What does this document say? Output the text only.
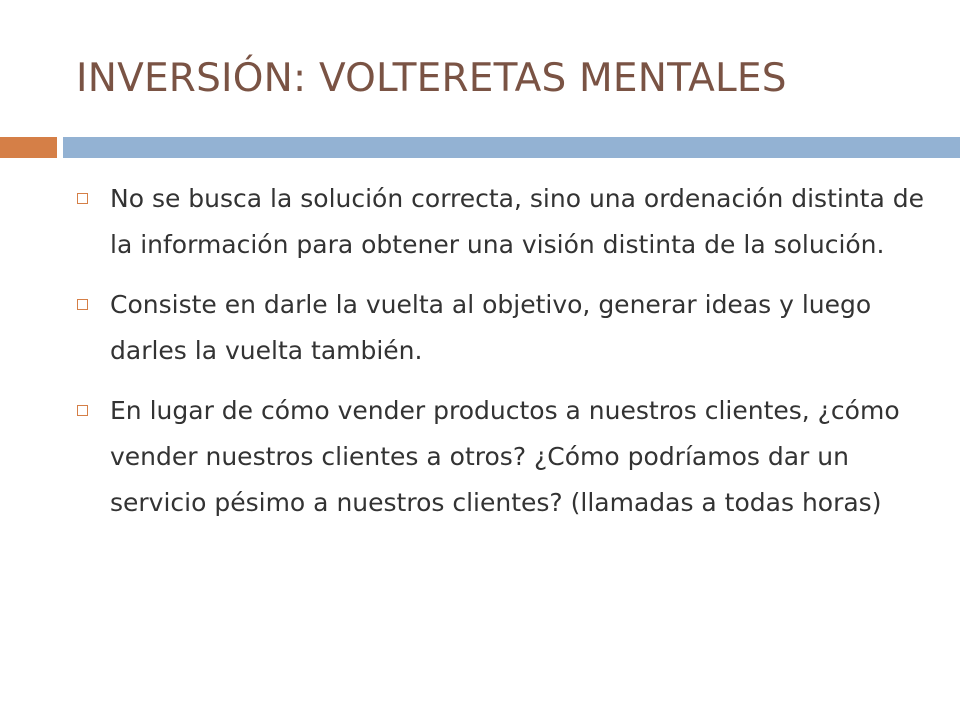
INVERSIÓN: VOLTERETAS MENTALES
No se busca la solución correcta, sino una ordenación distinta de la información para obtener una visión distinta de la solución.
Consiste en darle la vuelta al objetivo, generar ideas y luego darles la vuelta también.
En lugar de cómo vender productos a nuestros clientes, ¿cómo vender nuestros clientes a otros? ¿Cómo podríamos dar un servicio pésimo a nuestros clientes? (llamadas a todas horas)
